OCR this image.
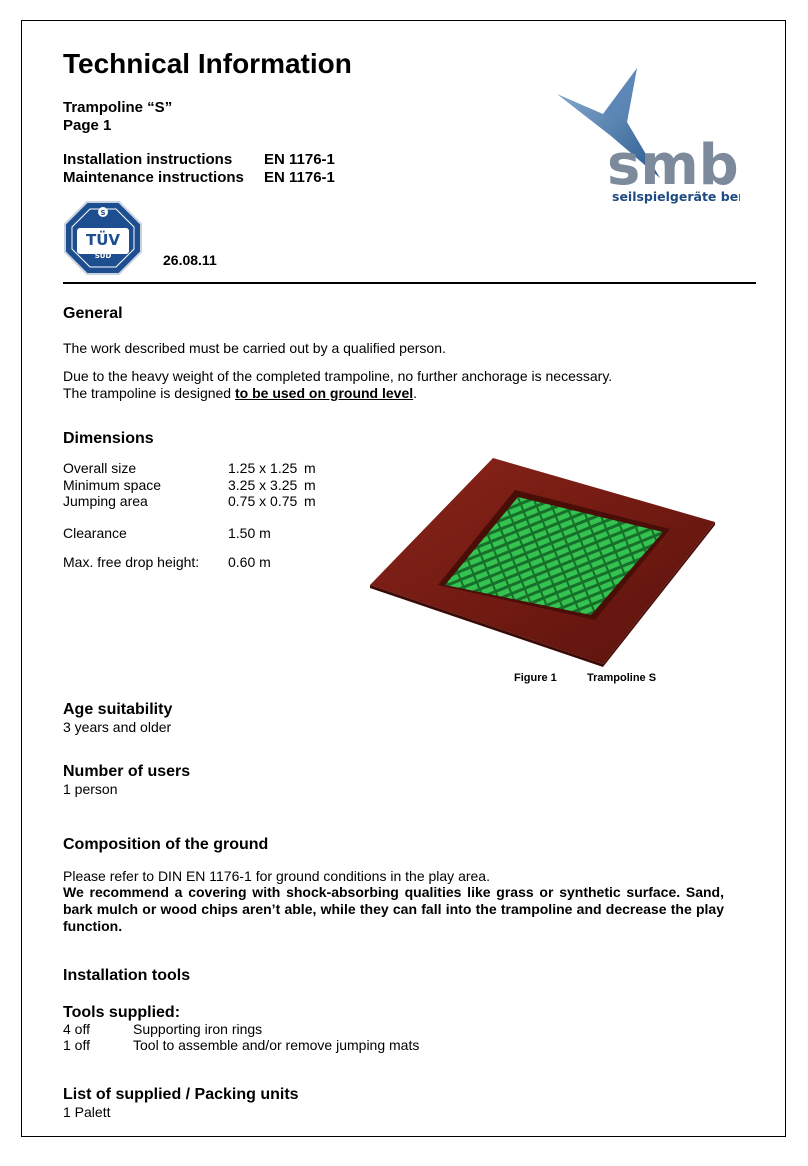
Technical Information
Trampoline “S”
Page 1
Installation instructions EN 1176-1
Maintenance instructions EN 1176-1	smb
seilspielgeräte be
S
TÜV
SÜD	26.08.11
General
The work described must be carried out by a qualified person.
Due to the heavy weight of the completed trampoline, no further anchorage is necessary.
The trampoline is designed to be used on ground level.
Dimensions
Overall size	1.25 x 1.25 m
Minimum space	3.25 x 3.25 m
Jumping area	0.75 x 0.75 m
Clearance	1.50 m
Max. free drop height: 0.60 m
Figure 1	Trampoline S
Age suitability
3 years and older
Number of users
1 person
Composition of the ground
Please refer to DIN EN 1176-1 for ground conditions in the play area.
We recommend a covering with shock-absorbing qualities like grass or synthetic surface. Sand, bark mulch or wood chips aren’t able, while they can fall into the trampoline and decrease the play function.
Installation tools
Tools supplied:
4 off	Supporting iron rings
1 off	Tool to assemble and/or remove jumping mats
List of supplied / Packing units
1 Palett
